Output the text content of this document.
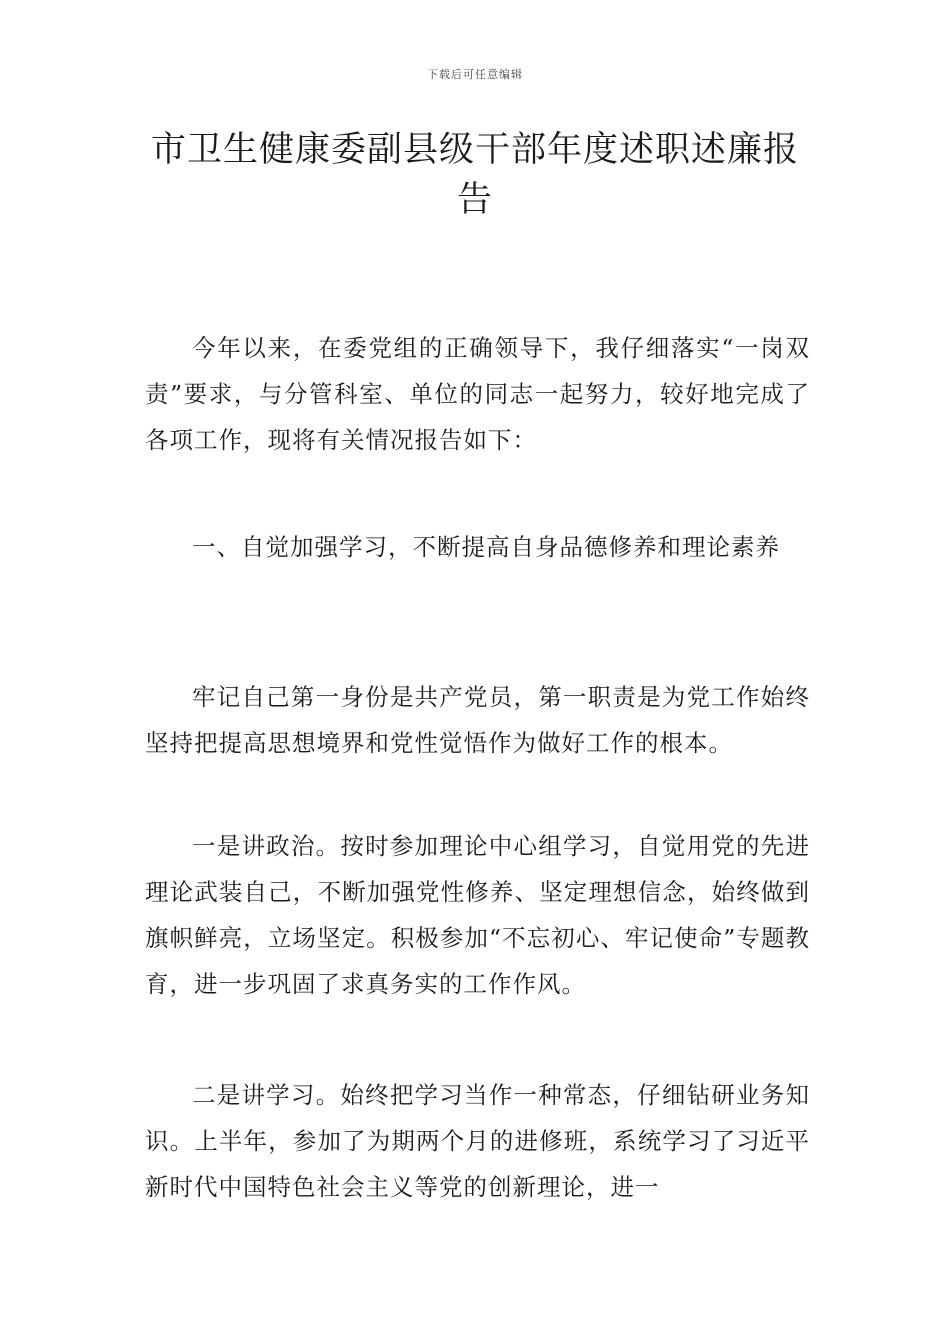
下载后可任意编辑
市卫生健康委副县级干部年度述职述廉报告

今年以来，在委党组的正确领导下，我仔细落实“一岗双责”要求，与分管科室、单位的同志一起努力，较好地完成了各项工作，现将有关情况报告如下：

一、自觉加强学习，不断提高自身品德修养和理论素养

牢记自己第一身份是共产党员，第一职责是为党工作始终坚持把提高思想境界和党性觉悟作为做好工作的根本。

一是讲政治。按时参加理论中心组学习，自觉用党的先进理论武装自己，不断加强党性修养、坚定理想信念，始终做到旗帜鲜亮，立场坚定。积极参加“不忘初心、牢记使命”专题教育，进一步巩固了求真务实的工作作风。

二是讲学习。始终把学习当作一种常态，仔细钻研业务知识。上半年，参加了为期两个月的进修班，系统学习了习近平新时代中国特色社会主义等党的创新理论，进一
